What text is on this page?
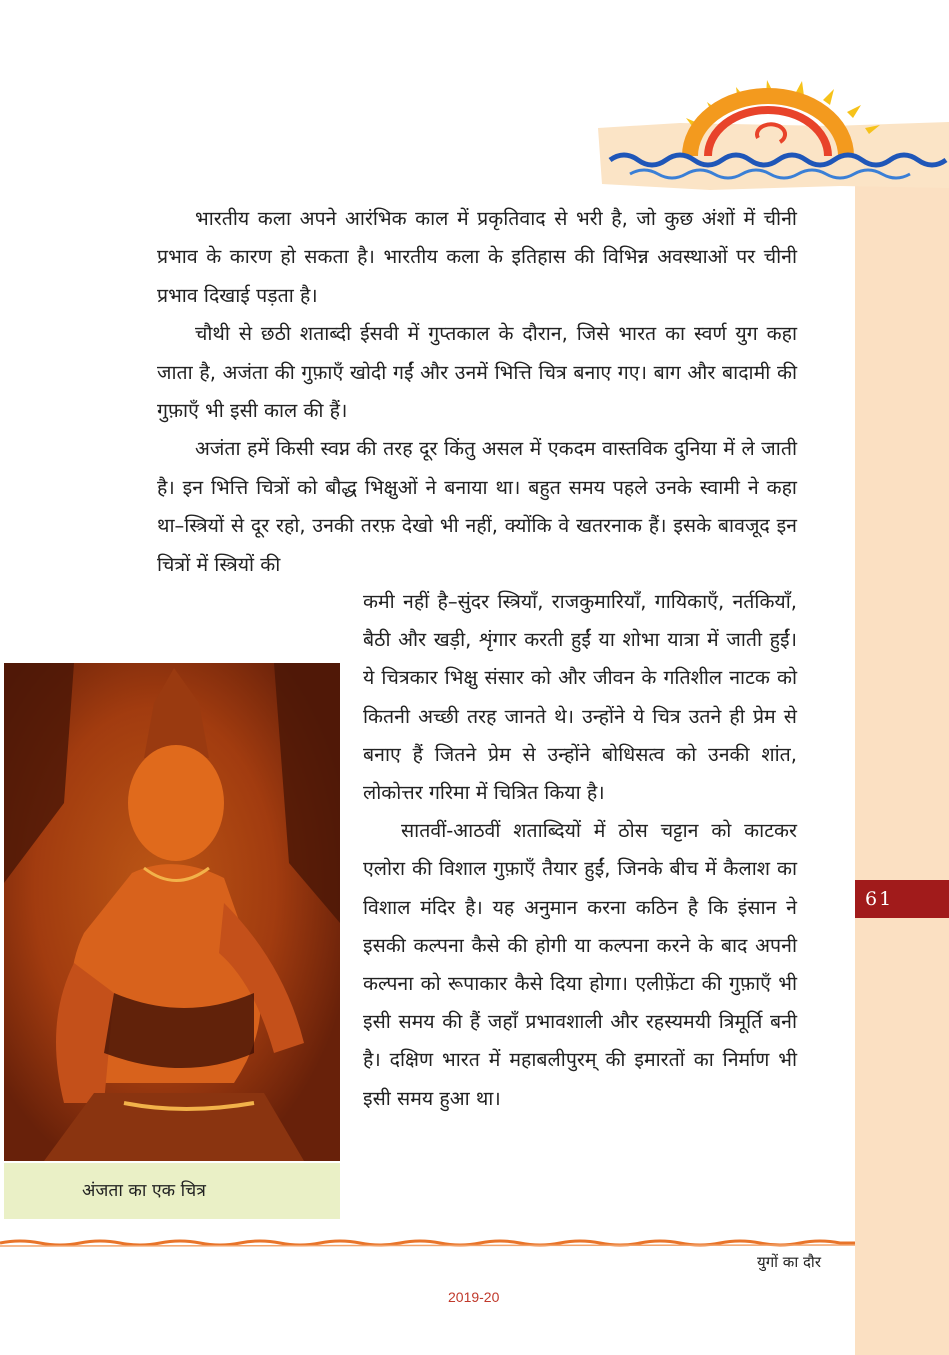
61

भारतीय कला अपने आरंभिक काल में प्रकृतिवाद से भरी है, जो कुछ अंशों में चीनी प्रभाव के कारण हो सकता है। भारतीय कला के इतिहास की विभिन्न अवस्थाओं पर चीनी प्रभाव दिखाई पड़ता है।

चौथी से छठी शताब्दी ईसवी में गुप्तकाल के दौरान, जिसे भारत का स्वर्ण युग कहा जाता है, अजंता की गुफ़ाएँ खोदी गईं और उनमें भित्ति चित्र बनाए गए। बाग और बादामी की गुफ़ाएँ भी इसी काल की हैं।

अजंता हमें किसी स्वप्न की तरह दूर किंतु असल में एकदम वास्तविक दुनिया में ले जाती है। इन भित्ति चित्रों को बौद्ध भिक्षुओं ने बनाया था। बहुत समय पहले उनके स्वामी ने कहा था–स्त्रियों से दूर रहो, उनकी तरफ़ देखो भी नहीं, क्योंकि वे खतरनाक हैं। इसके बावजूद इन चित्रों में स्त्रियों की

कमी नहीं है–सुंदर स्त्रियाँ, राजकुमारियाँ, गायिकाएँ, नर्तकियाँ, बैठी और खड़ी, शृंगार करती हुईं या शोभा यात्रा में जाती हुईं। ये चित्रकार भिक्षु संसार को और जीवन के गतिशील नाटक को कितनी अच्छी तरह जानते थे। उन्होंने ये चित्र उतने ही प्रेम से बनाए हैं जितने प्रेम से उन्होंने बोधिसत्व को उनकी शांत, लोकोत्तर गरिमा में चित्रित किया है।

सातवीं-आठवीं शताब्दियों में ठोस चट्टान को काटकर एलोरा की विशाल गुफ़ाएँ तैयार हुईं, जिनके बीच में कैलाश का विशाल मंदिर है। यह अनुमान करना कठिन है कि इंसान ने इसकी कल्पना कैसे की होगी या कल्पना करने के बाद अपनी कल्पना को रूपाकार कैसे दिया होगा। एलीफ़ेंटा की गुफ़ाएँ भी इसी समय की हैं जहाँ प्रभावशाली और रहस्यमयी त्रिमूर्ति बनी है। दक्षिण भारत में महाबलीपुरम् की इमारतों का निर्माण भी इसी समय हुआ था।

अंजता का एक चित्र
युगों का दौर
2019-20
